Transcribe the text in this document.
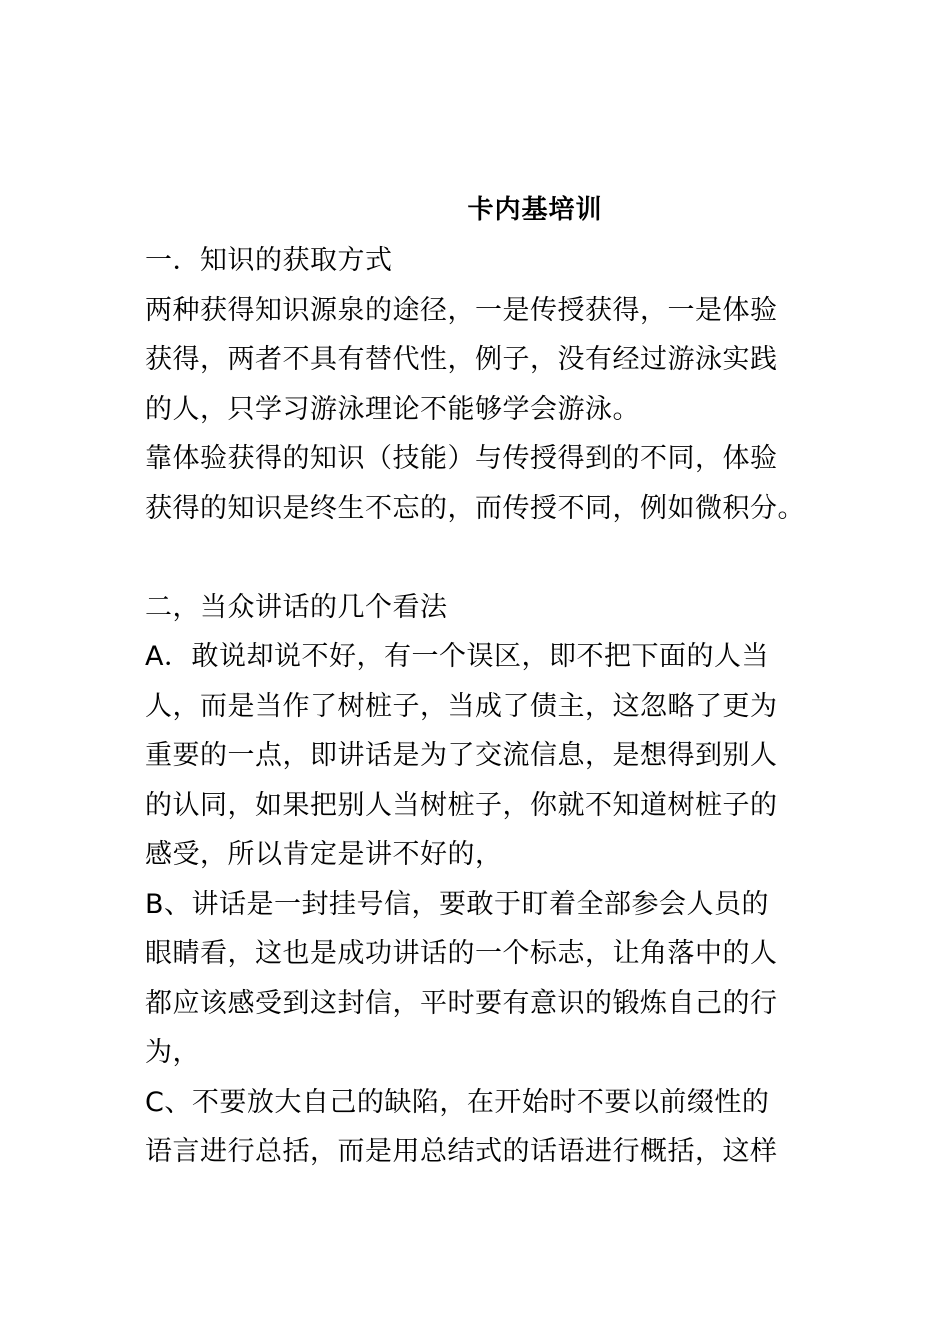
卡内基培训
一．知识的获取方式
两种获得知识源泉的途径，一是传授获得，一是体验
获得，两者不具有替代性，例子，没有经过游泳实践
的人，只学习游泳理论不能够学会游泳。
靠体验获得的知识（技能）与传授得到的不同，体验
获得的知识是终生不忘的，而传授不同，例如微积分。
二，当众讲话的几个看法
A．敢说却说不好，有一个误区，即不把下面的人当
人，而是当作了树桩子，当成了债主，这忽略了更为
重要的一点，即讲话是为了交流信息，是想得到别人
的认同，如果把别人当树桩子，你就不知道树桩子的
感受，所以肯定是讲不好的，
B、讲话是一封挂号信，要敢于盯着全部参会人员的
眼睛看，这也是成功讲话的一个标志，让角落中的人
都应该感受到这封信，平时要有意识的锻炼自己的行
为，
C、不要放大自己的缺陷，在开始时不要以前缀性的
语言进行总括，而是用总结式的话语进行概括，这样
